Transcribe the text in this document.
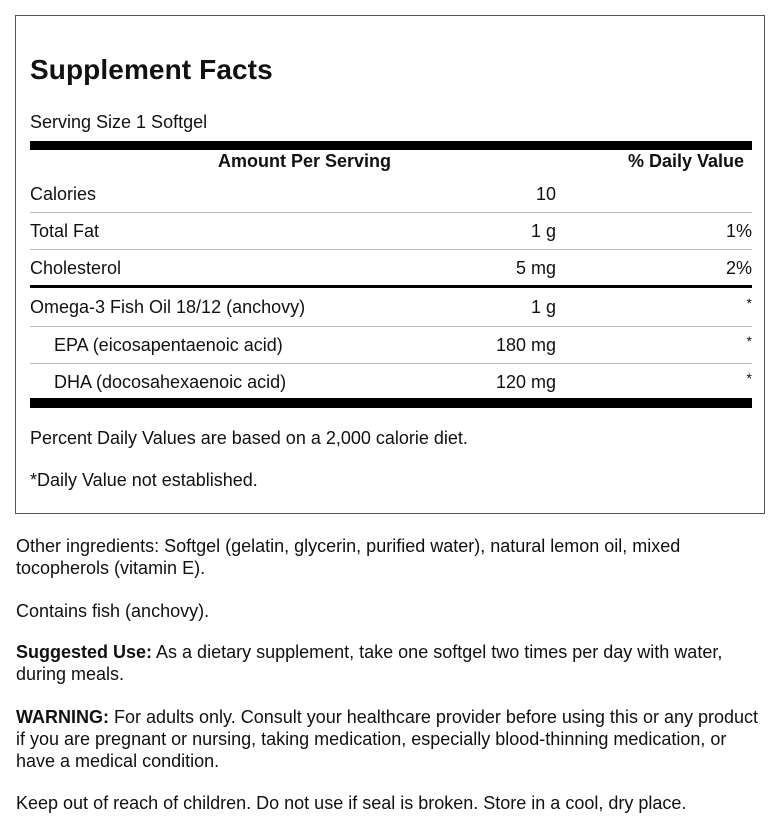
Supplement Facts
Serving Size 1 Softgel
Amount Per Serving	% Daily Value
Calories	10
Total Fat	1 g	1%
Cholesterol	5 mg	2%
Omega-3 Fish Oil 18/12 (anchovy)	1 g	*
EPA (eicosapentaenoic acid)	180 mg	*
DHA (docosahexaenoic acid)	120 mg	*
Percent Daily Values are based on a 2,000 calorie diet.
*Daily Value not established.
Other ingredients: Softgel (gelatin, glycerin, purified water), natural lemon oil, mixed tocopherols (vitamin E).
Contains fish (anchovy).
Suggested Use: As a dietary supplement, take one softgel two times per day with water, during meals.
WARNING: For adults only. Consult your healthcare provider before using this or any product if you are pregnant or nursing, taking medication, especially blood-thinning medication, or have a medical condition.
Keep out of reach of children. Do not use if seal is broken. Store in a cool, dry place.
